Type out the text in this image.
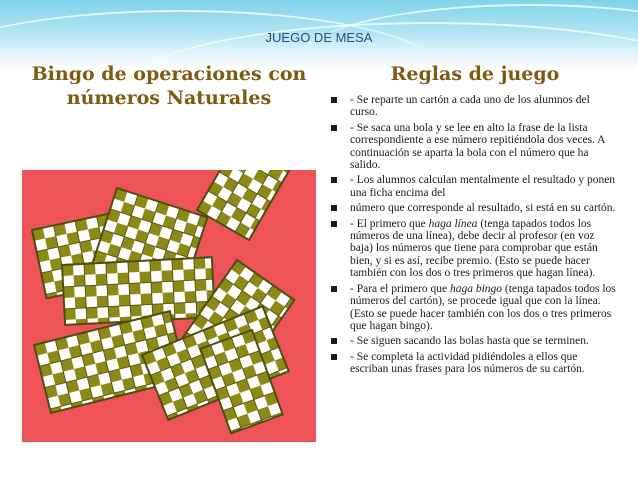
JUEGO DE MESA
Bingo de operaciones con
números Naturales
Reglas de juego
- Se reparte un cartón a cada uno de los alumnos del curso.
- Se saca una bola y se lee en alto la frase de la lista correspondiente a ese número repitiéndola dos veces. A continuación se aparta la bola con el número que ha salido.
- Los alumnos calculan mentalmente el resultado y ponen una ficha encima del
número que corresponde al resultado, si está en su cartón.
- El primero que haga línea (tenga tapados todos los números de una línea), debe decir al profesor (en voz baja) los números que tiene para comprobar que están bien, y si es así, recibe premio. (Esto se puede hacer también con los dos o tres primeros que hagan línea).
- Para el primero que haga bingo (tenga tapados todos los números del cartón), se procede igual que con la línea. (Esto se puede hacer también con los dos o tres primeros que hagan bingo).
- Se siguen sacando las bolas hasta que se terminen.
- Se completa la actividad pidiéndoles a ellos que escriban unas frases para los números de su cartón.
